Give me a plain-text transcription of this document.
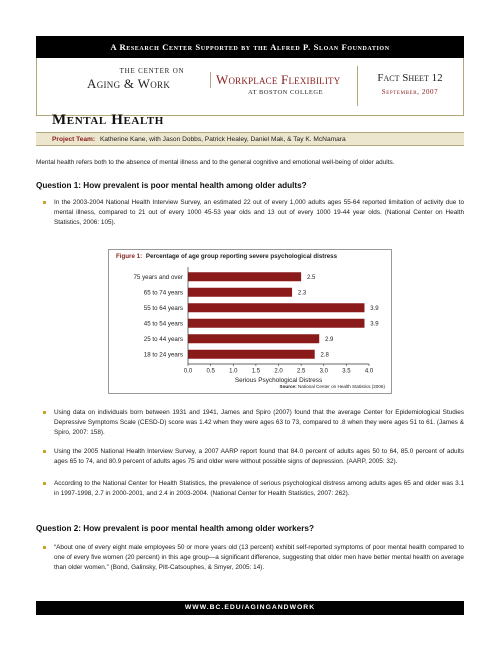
A Research Center Supported by the Alfred P. Sloan Foundation
THE CENTER ON
Aging & Work	Workplace Flexibility
AT BOSTON COLLEGE
Fact Sheet 12
September, 2007
Mental Health
Project Team: Katherine Kane, with Jason Dobbs, Patrick Healey, Daniel Mak, & Tay K. McNamara
Mental health refers both to the absence of mental illness and to the general cognitive and emotional well-being of older adults.
Question 1: How prevalent is poor mental health among older adults?
In the 2003-2004 National Health Interview Survey, an estimated 22 out of every 1,000 adults ages 55-64 reported limitation of activity due to mental illness, compared to 21 out of every 1000 45-53 year olds and 13 out of every 1000 19-44 year olds. (National Center on Health Statistics, 2006: 105).
75 years and over	2.5
65 to 74 years	2.3
55 to 64 years	3.9
45 to 54 years	3.9
25 to 44 years	2.9
18 to 24 years	2.8
0.0 0.5 1.0 1.5 2.0 2.5 3.0 3.5 4.0
Serious Psychological Distress
Figure 1: Percentage of age group reporting severe psychological distress
Source: National Center on Health Statistics (2006)
Using data on individuals born between 1931 and 1941, James and Spiro (2007) found that the average Center for Epidemiological Studies Depressive Symptoms Scale (CESD-D) score was 1.42 when they were ages 63 to 73, compared to .8 when they were ages 51 to 61. (James & Spiro, 2007: 158).
Using the 2005 National Health Interview Survey, a 2007 AARP report found that 84.0 percent of adults ages 50 to 64, 85.0 percent of adults ages 65 to 74, and 80.9 percent of adults ages 75 and older were without possible signs of depression. (AARP, 2005: 32).
According to the National Center for Health Statistics, the prevalence of serious psychological distress among adults ages 65 and older was 3.1 in 1997-1998, 2.7 in 2000-2001, and 2.4 in 2003-2004. (National Center for Health Statistics, 2007: 262).
Question 2: How prevalent is poor mental health among older workers?
“About one of every eight male employees 50 or more years old (13 percent) exhibit self-reported symptoms of poor mental health compared to one of every five women (20 percent) in this age group—a significant difference, suggesting that older men have better mental health on average than older women.” (Bond, Galinsky, Pitt-Catsouphes, & Smyer, 2005: 14).
WWW.BC.EDU/AGINGANDWORK
